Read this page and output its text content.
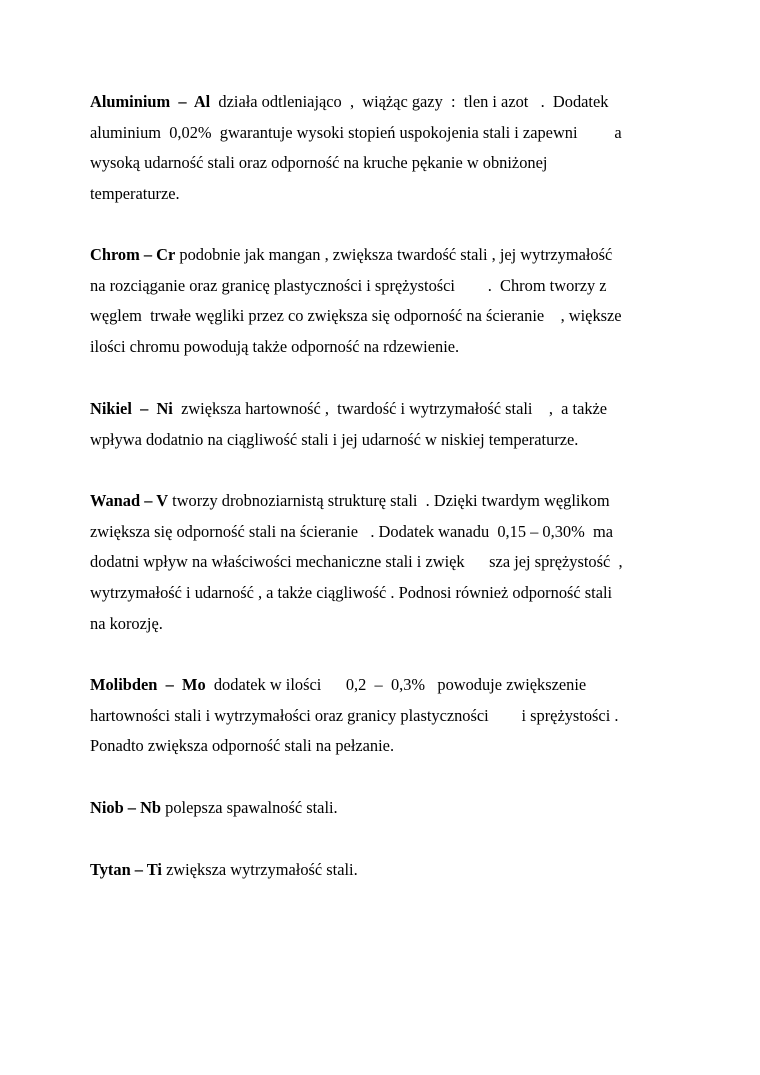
Aluminium  –  Al  działa odtleniająco  ,  wiążąc gazy  :  tlen i azot   .  Dodatek
aluminium  0,02%  gwarantuje wysoki stopień uspokojenia stali i zapewni         a
wysoką udarność stali oraz odporność na kruche pękanie w obniżonej
temperaturze.

Chrom – Cr podobnie jak mangan , zwiększa twardość stali , jej wytrzymałość
na rozciąganie oraz granicę plastyczności i sprężystości        .  Chrom tworzy z
węglem  trwałe węgliki przez co zwiększa się odporność na ścieranie    , większe
ilości chromu powodują także odporność na rdzewienie.

Nikiel  –  Ni  zwiększa hartowność ,  twardość i wytrzymałość stali    ,  a także
wpływa dodatnio na ciągliwość stali i jej udarność w niskiej temperaturze.

Wanad – V tworzy drobnoziarnistą strukturę stali  . Dzięki twardym węglikom
zwiększa się odporność stali na ścieranie   . Dodatek wanadu  0,15 – 0,30%  ma
dodatni wpływ na właściwości mechaniczne stali i zwięk      sza jej sprężystość  ,
wytrzymałość i udarność , a także ciągliwość . Podnosi również odporność stali
na korozję.

Molibden  –  Mo  dodatek w ilości      0,2  –  0,3%   powoduje zwiększenie
hartowności stali i wytrzymałości oraz granicy plastyczności        i sprężystości .
Ponadto zwiększa odporność stali na pełzanie.

Niob – Nb polepsza spawalność stali.

Tytan – Ti zwiększa wytrzymałość stali.
